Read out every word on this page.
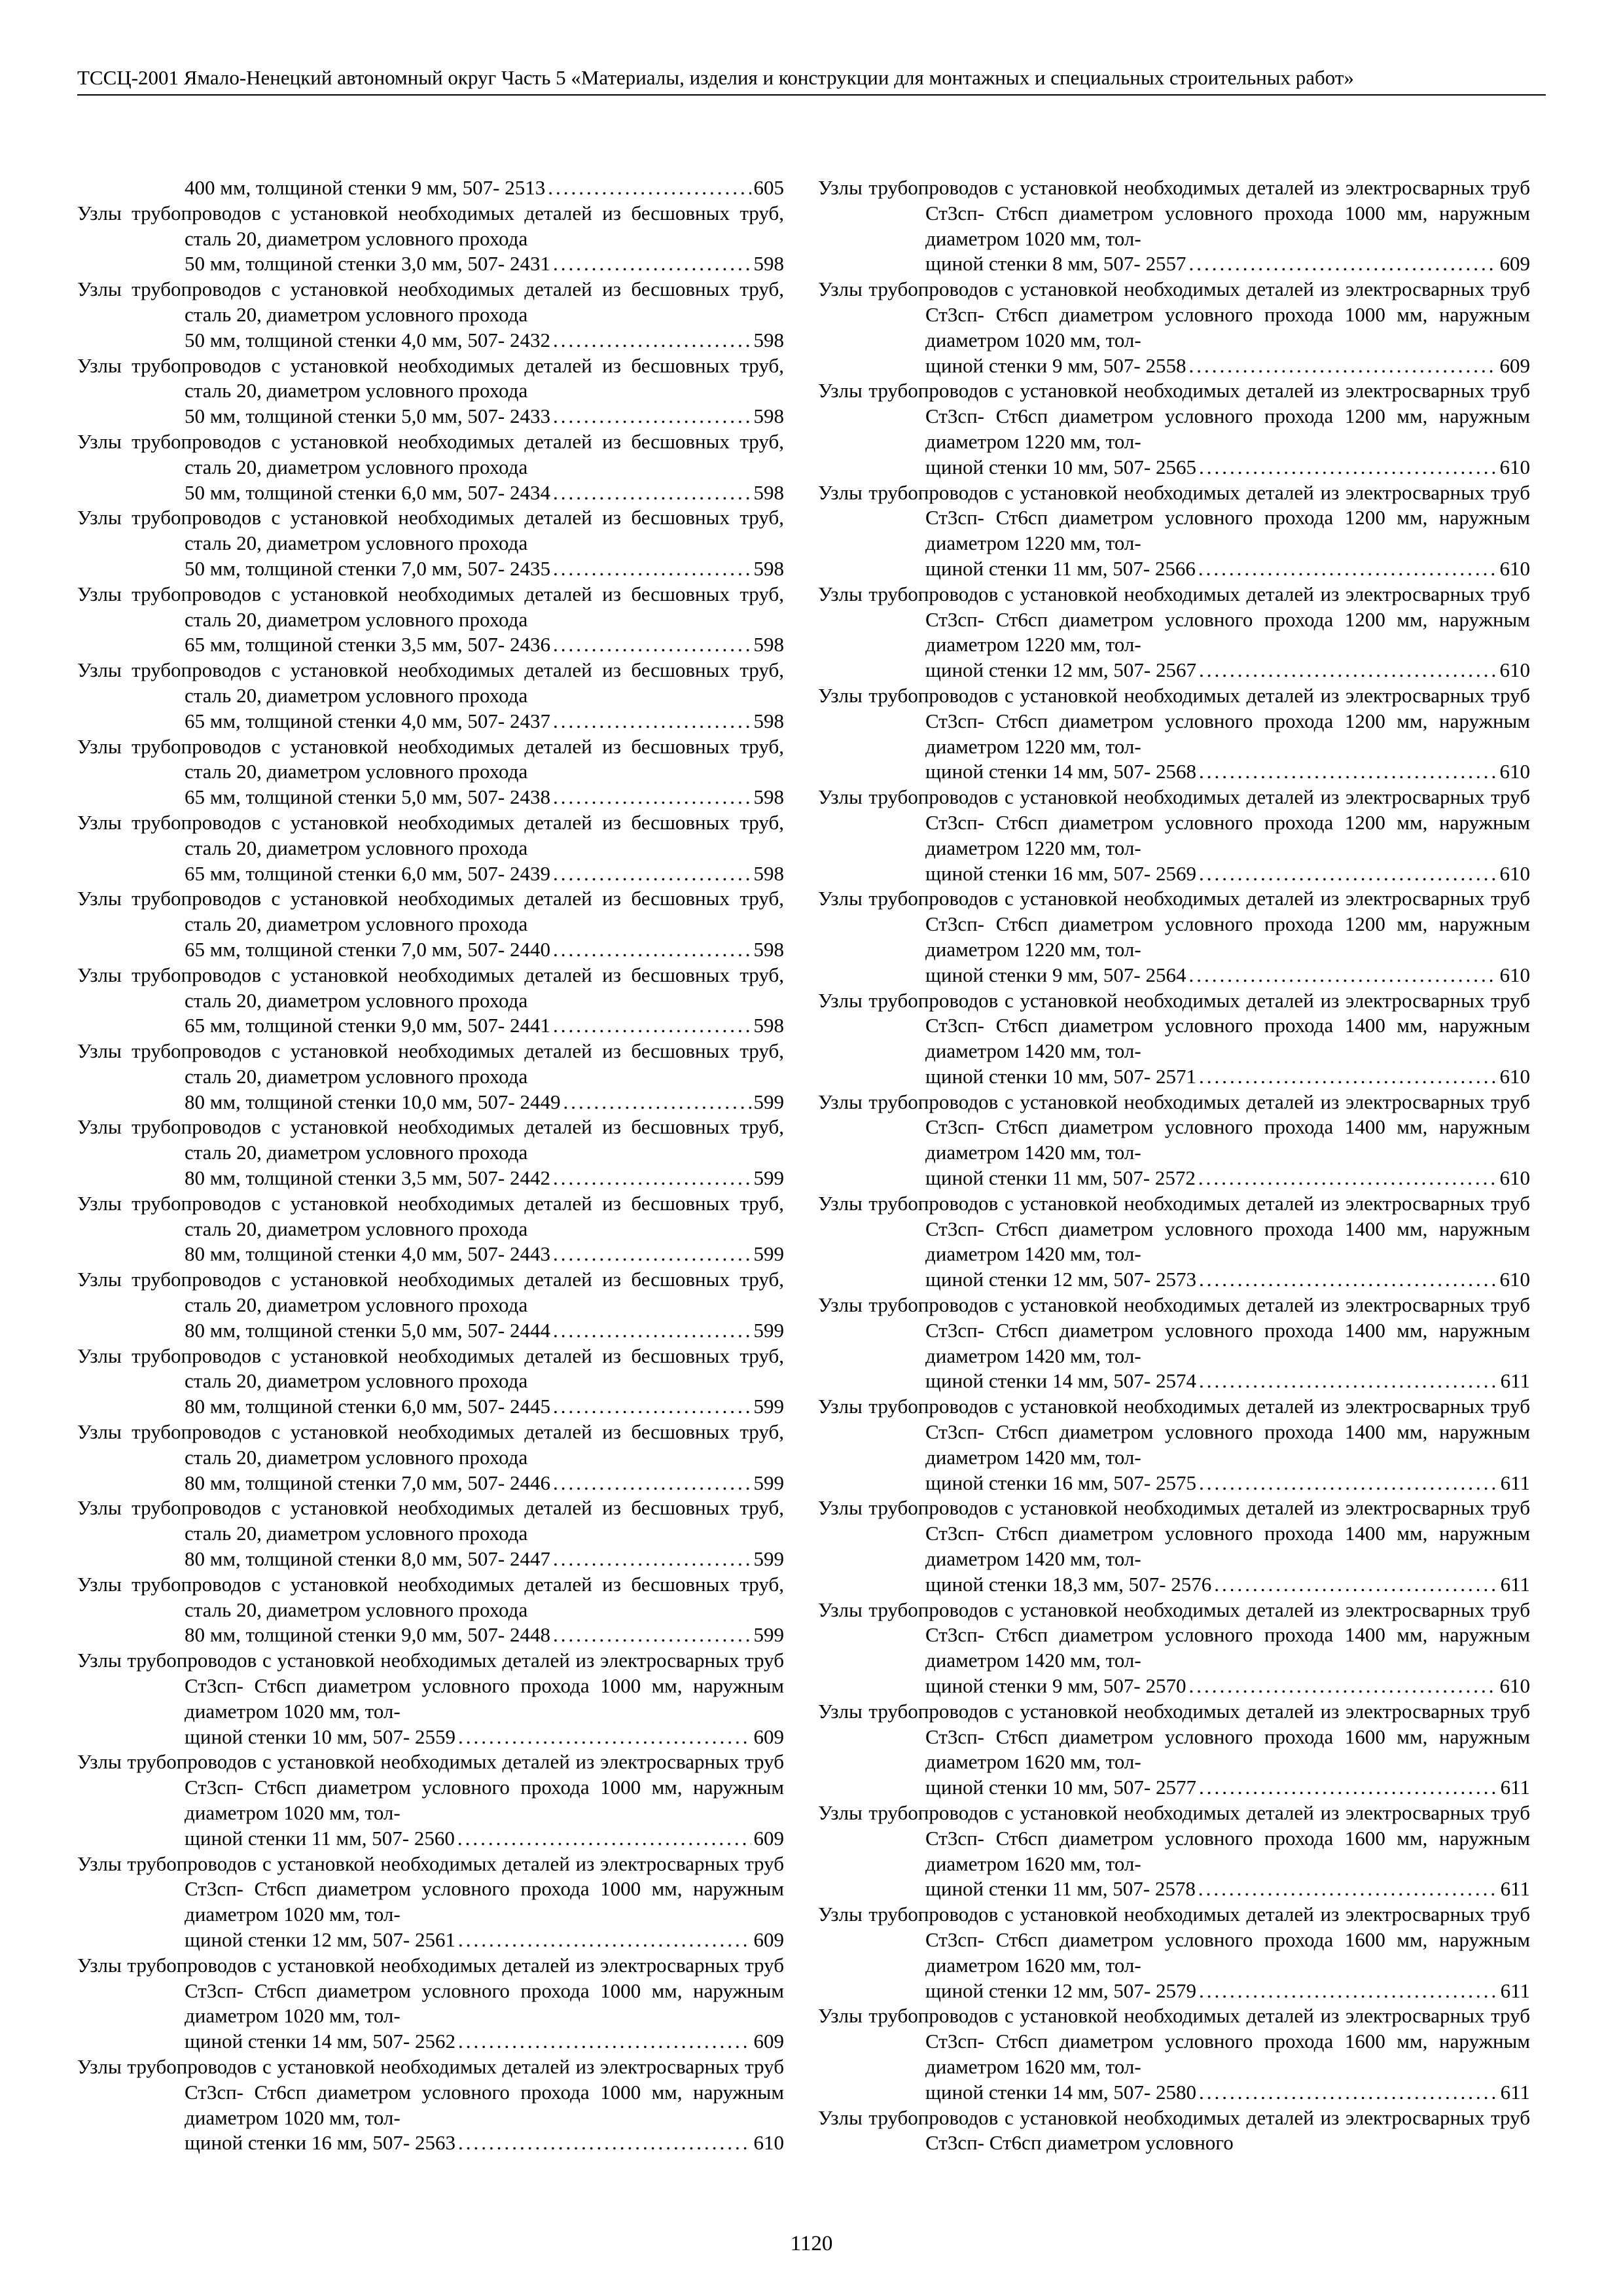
ТССЦ-2001 Ямало-Ненецкий автономный округ Часть 5 «Материалы, изделия и конструкции для монтажных и специальных строительных работ»

400 мм, толщиной стенки 9 мм, 507- 2513 .....	605

Узлы трубопроводов с установкой необходимых деталей из бесшовных труб, сталь 20, диаметром условного прохода
50 мм, толщиной стенки 3,0 мм, 507- 2431 .....	598

Узлы трубопроводов с установкой необходимых деталей из бесшовных труб, сталь 20, диаметром условного прохода
50 мм, толщиной стенки 4,0 мм, 507- 2432 .....	598

Узлы трубопроводов с установкой необходимых деталей из бесшовных труб, сталь 20, диаметром условного прохода
50 мм, толщиной стенки 5,0 мм, 507- 2433 .....	598

Узлы трубопроводов с установкой необходимых деталей из бесшовных труб, сталь 20, диаметром условного прохода
50 мм, толщиной стенки 6,0 мм, 507- 2434 .....	598

Узлы трубопроводов с установкой необходимых деталей из бесшовных труб, сталь 20, диаметром условного прохода
50 мм, толщиной стенки 7,0 мм, 507- 2435 .....	598

Узлы трубопроводов с установкой необходимых деталей из бесшовных труб, сталь 20, диаметром условного прохода
65 мм, толщиной стенки 3,5 мм, 507- 2436 .....	598

Узлы трубопроводов с установкой необходимых деталей из бесшовных труб, сталь 20, диаметром условного прохода
65 мм, толщиной стенки 4,0 мм, 507- 2437 .....	598

Узлы трубопроводов с установкой необходимых деталей из бесшовных труб, сталь 20, диаметром условного прохода
65 мм, толщиной стенки 5,0 мм, 507- 2438 .....	598

Узлы трубопроводов с установкой необходимых деталей из бесшовных труб, сталь 20, диаметром условного прохода
65 мм, толщиной стенки 6,0 мм, 507- 2439 .....	598

Узлы трубопроводов с установкой необходимых деталей из бесшовных труб, сталь 20, диаметром условного прохода
65 мм, толщиной стенки 7,0 мм, 507- 2440 .....	598

Узлы трубопроводов с установкой необходимых деталей из бесшовных труб, сталь 20, диаметром условного прохода
65 мм, толщиной стенки 9,0 мм, 507- 2441 .....	598

Узлы трубопроводов с установкой необходимых деталей из бесшовных труб, сталь 20, диаметром условного прохода
80 мм, толщиной стенки 10,0 мм, 507- 2449 .....	599

Узлы трубопроводов с установкой необходимых деталей из бесшовных труб, сталь 20, диаметром условного прохода
80 мм, толщиной стенки 3,5 мм, 507- 2442 .....	599

Узлы трубопроводов с установкой необходимых деталей из бесшовных труб, сталь 20, диаметром условного прохода
80 мм, толщиной стенки 4,0 мм, 507- 2443 .....	599

Узлы трубопроводов с установкой необходимых деталей из бесшовных труб, сталь 20, диаметром условного прохода
80 мм, толщиной стенки 5,0 мм, 507- 2444 .....	599

Узлы трубопроводов с установкой необходимых деталей из бесшовных труб, сталь 20, диаметром условного прохода
80 мм, толщиной стенки 6,0 мм, 507- 2445 .....	599

Узлы трубопроводов с установкой необходимых деталей из бесшовных труб, сталь 20, диаметром условного прохода
80 мм, толщиной стенки 7,0 мм, 507- 2446 .....	599

Узлы трубопроводов с установкой необходимых деталей из бесшовных труб, сталь 20, диаметром условного прохода
80 мм, толщиной стенки 8,0 мм, 507- 2447 .....	599

Узлы трубопроводов с установкой необходимых деталей из бесшовных труб, сталь 20, диаметром условного прохода
80 мм, толщиной стенки 9,0 мм, 507- 2448 .....	599

Узлы трубопроводов с установкой необходимых деталей из электросварных труб Ст3сп- Ст6сп диаметром условного прохода 1000 мм, наружным диаметром 1020 мм, тол-
щиной стенки 10 мм, 507- 2559 .....	609

Узлы трубопроводов с установкой необходимых деталей из электросварных труб Ст3сп- Ст6сп диаметром условного прохода 1000 мм, наружным диаметром 1020 мм, тол-
щиной стенки 11 мм, 507- 2560 .....	609

Узлы трубопроводов с установкой необходимых деталей из электросварных труб Ст3сп- Ст6сп диаметром условного прохода 1000 мм, наружным диаметром 1020 мм, тол-
щиной стенки 12 мм, 507- 2561 .....	609

Узлы трубопроводов с установкой необходимых деталей из электросварных труб Ст3сп- Ст6сп диаметром условного прохода 1000 мм, наружным диаметром 1020 мм, тол-
щиной стенки 14 мм, 507- 2562 .....	609

Узлы трубопроводов с установкой необходимых деталей из электросварных труб Ст3сп- Ст6сп диаметром условного прохода 1000 мм, наружным диаметром 1020 мм, тол-
щиной стенки 16 мм, 507- 2563 .....	610

Узлы трубопроводов с установкой необходимых деталей из электросварных труб Ст3сп- Ст6сп диаметром условного прохода 1000 мм, наружным диаметром 1020 мм, тол-
щиной стенки 8 мм, 507- 2557 .....	609

Узлы трубопроводов с установкой необходимых деталей из электросварных труб Ст3сп- Ст6сп диаметром условного прохода 1000 мм, наружным диаметром 1020 мм, тол-
щиной стенки 9 мм, 507- 2558 .....	609

Узлы трубопроводов с установкой необходимых деталей из электросварных труб Ст3сп- Ст6сп диаметром условного прохода 1200 мм, наружным диаметром 1220 мм, тол-
щиной стенки 10 мм, 507- 2565 .....	610

Узлы трубопроводов с установкой необходимых деталей из электросварных труб Ст3сп- Ст6сп диаметром условного прохода 1200 мм, наружным диаметром 1220 мм, тол-
щиной стенки 11 мм, 507- 2566 .....	610

Узлы трубопроводов с установкой необходимых деталей из электросварных труб Ст3сп- Ст6сп диаметром условного прохода 1200 мм, наружным диаметром 1220 мм, тол-
щиной стенки 12 мм, 507- 2567 .....	610

Узлы трубопроводов с установкой необходимых деталей из электросварных труб Ст3сп- Ст6сп диаметром условного прохода 1200 мм, наружным диаметром 1220 мм, тол-
щиной стенки 14 мм, 507- 2568 .....	610

Узлы трубопроводов с установкой необходимых деталей из электросварных труб Ст3сп- Ст6сп диаметром условного прохода 1200 мм, наружным диаметром 1220 мм, тол-
щиной стенки 16 мм, 507- 2569 .....	610

Узлы трубопроводов с установкой необходимых деталей из электросварных труб Ст3сп- Ст6сп диаметром условного прохода 1200 мм, наружным диаметром 1220 мм, тол-
щиной стенки 9 мм, 507- 2564 .....	610

Узлы трубопроводов с установкой необходимых деталей из электросварных труб Ст3сп- Ст6сп диаметром условного прохода 1400 мм, наружным диаметром 1420 мм, тол-
щиной стенки 10 мм, 507- 2571 .....	610

Узлы трубопроводов с установкой необходимых деталей из электросварных труб Ст3сп- Ст6сп диаметром условного прохода 1400 мм, наружным диаметром 1420 мм, тол-
щиной стенки 11 мм, 507- 2572 .....	610

Узлы трубопроводов с установкой необходимых деталей из электросварных труб Ст3сп- Ст6сп диаметром условного прохода 1400 мм, наружным диаметром 1420 мм, тол-
щиной стенки 12 мм, 507- 2573 .....	610

Узлы трубопроводов с установкой необходимых деталей из электросварных труб Ст3сп- Ст6сп диаметром условного прохода 1400 мм, наружным диаметром 1420 мм, тол-
щиной стенки 14 мм, 507- 2574 .....	611

Узлы трубопроводов с установкой необходимых деталей из электросварных труб Ст3сп- Ст6сп диаметром условного прохода 1400 мм, наружным диаметром 1420 мм, тол-
щиной стенки 16 мм, 507- 2575 .....	611

Узлы трубопроводов с установкой необходимых деталей из электросварных труб Ст3сп- Ст6сп диаметром условного прохода 1400 мм, наружным диаметром 1420 мм, тол-
щиной стенки 18,3 мм, 507- 2576 .....	611

Узлы трубопроводов с установкой необходимых деталей из электросварных труб Ст3сп- Ст6сп диаметром условного прохода 1400 мм, наружным диаметром 1420 мм, тол-
щиной стенки 9 мм, 507- 2570 .....	610

Узлы трубопроводов с установкой необходимых деталей из электросварных труб Ст3сп- Ст6сп диаметром условного прохода 1600 мм, наружным диаметром 1620 мм, тол-
щиной стенки 10 мм, 507- 2577 .....	611

Узлы трубопроводов с установкой необходимых деталей из электросварных труб Ст3сп- Ст6сп диаметром условного прохода 1600 мм, наружным диаметром 1620 мм, тол-
щиной стенки 11 мм, 507- 2578 .....	611

Узлы трубопроводов с установкой необходимых деталей из электросварных труб Ст3сп- Ст6сп диаметром условного прохода 1600 мм, наружным диаметром 1620 мм, тол-
щиной стенки 12 мм, 507- 2579 .....	611

Узлы трубопроводов с установкой необходимых деталей из электросварных труб Ст3сп- Ст6сп диаметром условного прохода 1600 мм, наружным диаметром 1620 мм, тол-
щиной стенки 14 мм, 507- 2580 .....	611

Узлы трубопроводов с установкой необходимых деталей из электросварных труб Ст3сп- Ст6сп диаметром условного

1120
